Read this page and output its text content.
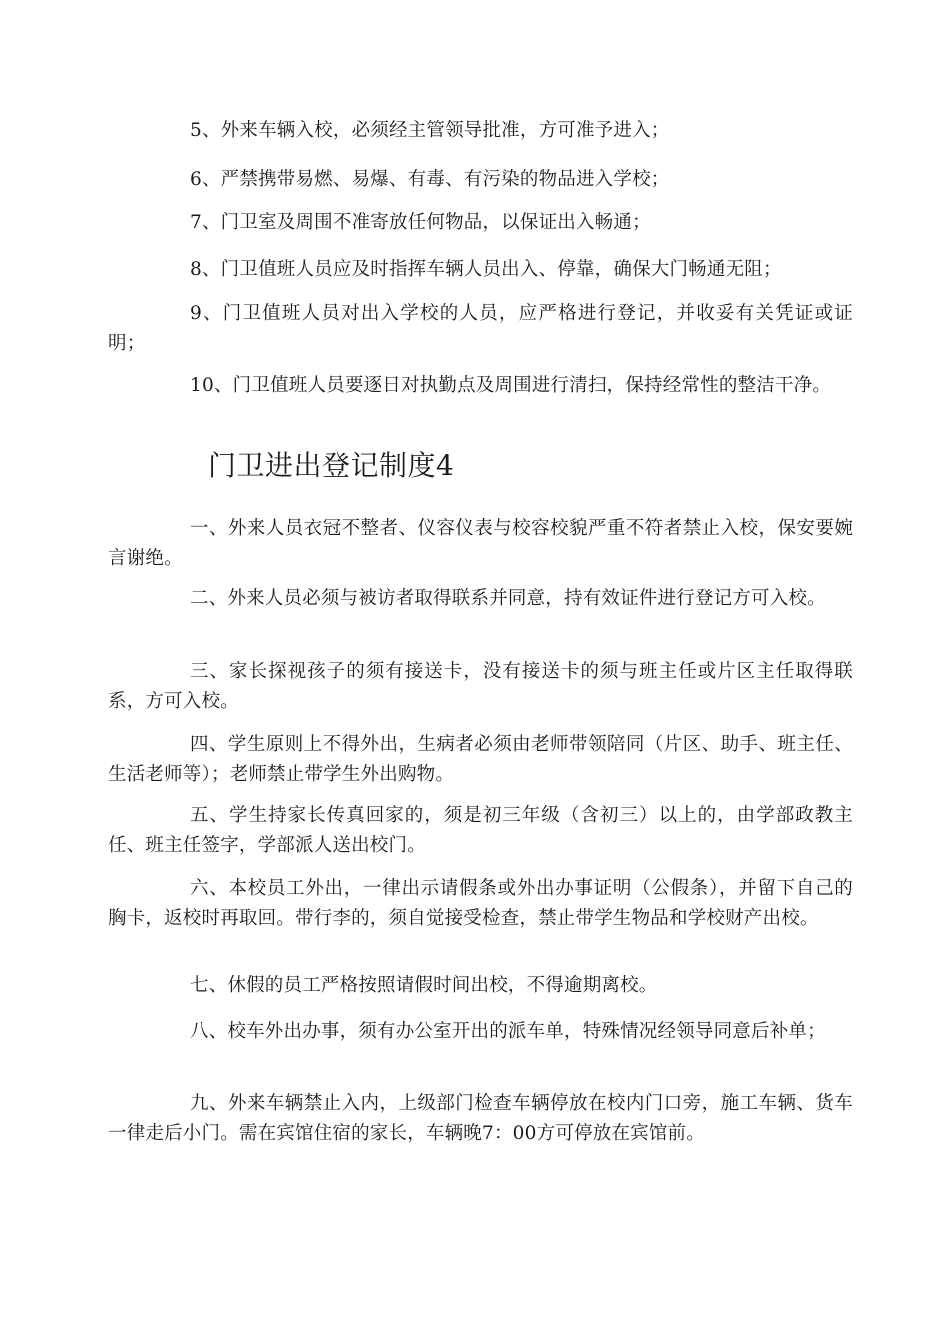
5、外来车辆入校，必须经主管领导批准，方可准予进入；

6、严禁携带易燃、易爆、有毒、有污染的物品进入学校；

7、门卫室及周围不准寄放任何物品，以保证出入畅通；

8、门卫值班人员应及时指挥车辆人员出入、停靠，确保大门畅通无阻；

9、门卫值班人员对出入学校的人员，应严格进行登记，并收妥有关凭证或证明；

10、门卫值班人员要逐日对执勤点及周围进行清扫，保持经常性的整洁干净。

门卫进出登记制度4

一、外来人员衣冠不整者、仪容仪表与校容校貌严重不符者禁止入校，保安要婉言谢绝。

二、外来人员必须与被访者取得联系并同意，持有效证件进行登记方可入校。

三、家长探视孩子的须有接送卡，没有接送卡的须与班主任或片区主任取得联系，方可入校。

四、学生原则上不得外出，生病者必须由老师带领陪同（片区、助手、班主任、生活老师等）；老师禁止带学生外出购物。

五、学生持家长传真回家的，须是初三年级（含初三）以上的，由学部政教主任、班主任签字，学部派人送出校门。

六、本校员工外出，一律出示请假条或外出办事证明（公假条），并留下自己的胸卡，返校时再取回。带行李的，须自觉接受检查，禁止带学生物品和学校财产出校。

七、休假的员工严格按照请假时间出校，不得逾期离校。

八、校车外出办事，须有办公室开出的派车单，特殊情况经领导同意后补单；

九、外来车辆禁止入内，上级部门检查车辆停放在校内门口旁，施工车辆、货车一律走后小门。需在宾馆住宿的家长，车辆晚7：00方可停放在宾馆前。
